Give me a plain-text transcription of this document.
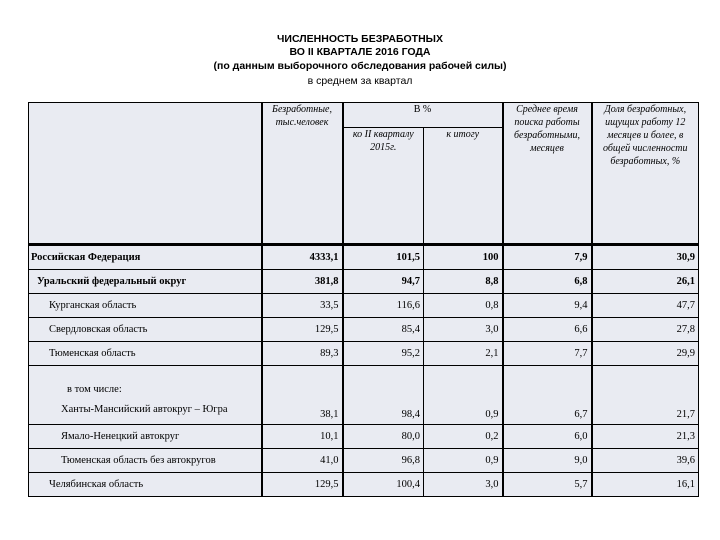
ЧИСЛЕННОСТЬ БЕЗРАБОТНЫХ
ВО II КВАРТАЛЕ 2016 ГОДА
(по данным выборочного обследования рабочей силы)
в среднем за квартал
	Безработные, тыс.человек	В %		Среднее время поиска работы безработными, месяцев	Доля безработных, ищущих работу 12 месяцев и более, в общей численности безработных, %
		ко II кварталу 2015г.	к итогу		

Российская Федерация	4333,1	101,5	100	7,9	30,9

Уральский федеральный округ	381,8	94,7	8,8	6,8	26,1

Курганская область	33,5	116,6	0,8	9,4	47,7

Свердловская область	129,5	85,4	3,0	6,6	27,8

Тюменская область	89,3	95,2	2,1	7,7	29,9

в том числе:
Ханты-Мансийский автокруг – Югра	38,1	98,4	0,9	6,7	21,7

Ямало-Ненецкий автокруг	10,1	80,0	0,2	6,0	21,3

Тюменская область без автокругов	41,0	96,8	0,9	9,0	39,6

Челябинская область	129,5	100,4	3,0	5,7	16,1
